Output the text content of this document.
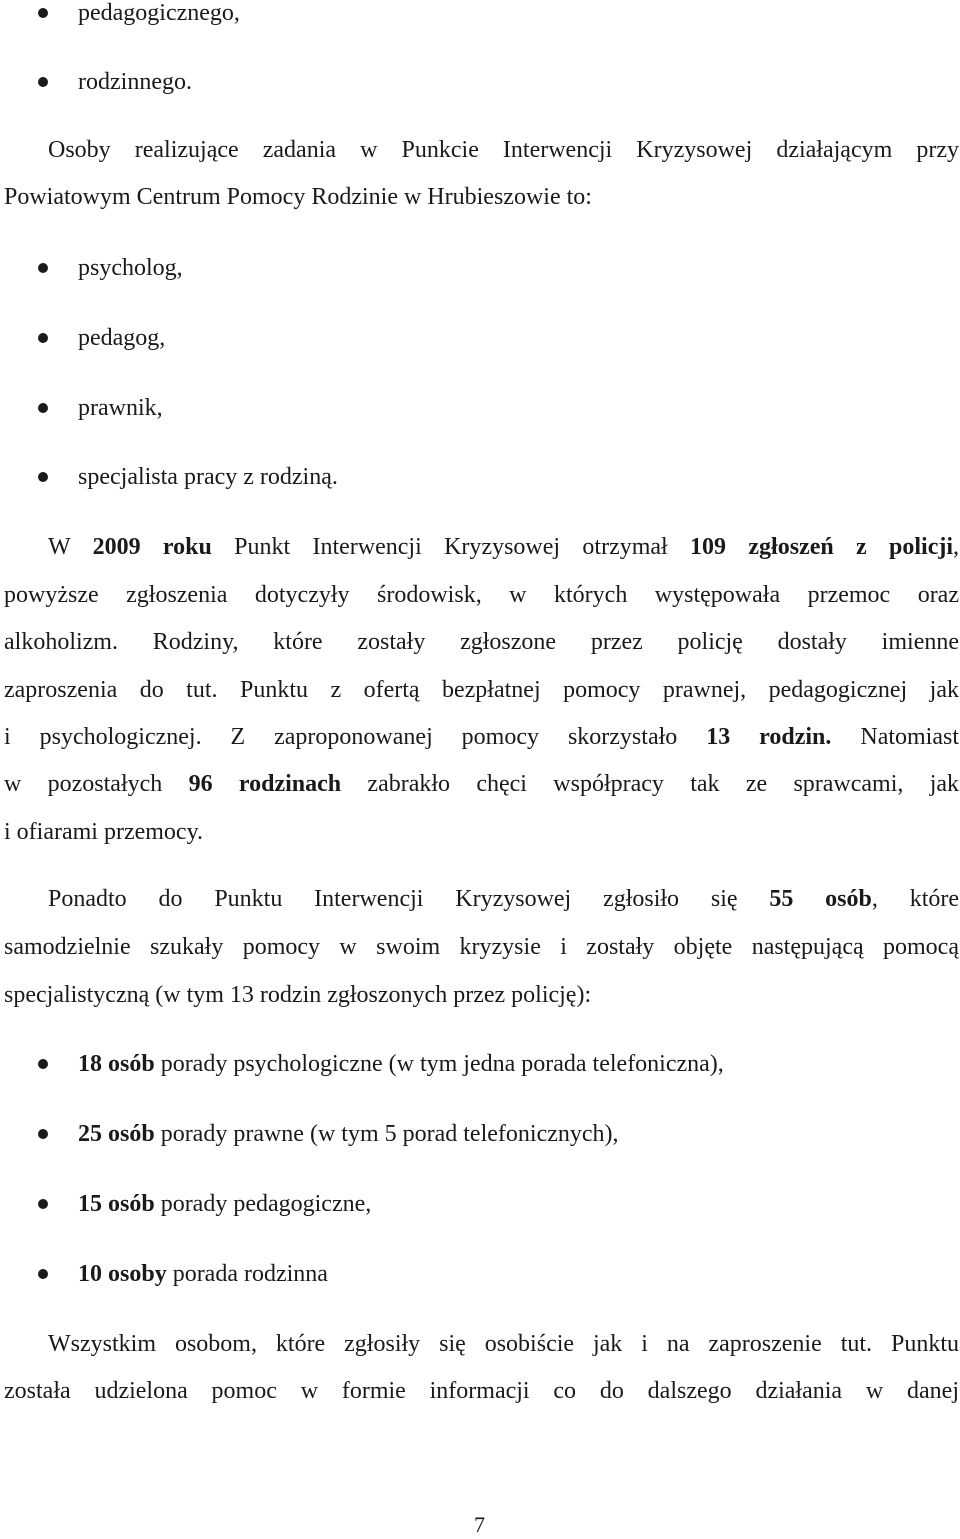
pedagogicznego,
rodzinnego.
Osoby realizujące zadania w Punkcie Interwencji Kryzysowej działającym przy
Powiatowym Centrum Pomocy Rodzinie w Hrubieszowie to:
psycholog,
pedagog,
prawnik,
specjalista pracy z rodziną.
W 2009 roku Punkt Interwencji Kryzysowej otrzymał 109 zgłoszeń z policji,
powyższe zgłoszenia dotyczyły środowisk, w których występowała przemoc oraz
alkoholizm. Rodziny, które zostały zgłoszone przez policję dostały imienne
zaproszenia do tut. Punktu z ofertą bezpłatnej pomocy prawnej, pedagogicznej jak
i psychologicznej. Z zaproponowanej pomocy skorzystało 13 rodzin. Natomiast
w pozostałych 96 rodzinach zabrakło chęci współpracy tak ze sprawcami, jak
i ofiarami przemocy.
Ponadto do Punktu Interwencji Kryzysowej zgłosiło się 55 osób, które
samodzielnie szukały pomocy w swoim kryzysie i zostały objęte następującą pomocą
specjalistyczną (w tym 13 rodzin zgłoszonych przez policję):
18 osób porady psychologiczne (w tym jedna porada telefoniczna),
25 osób porady prawne (w tym 5 porad telefonicznych),
15 osób porady pedagogiczne,
10 osoby porada rodzinna
Wszystkim osobom, które zgłosiły się osobiście jak i na zaproszenie tut. Punktu
została udzielona pomoc w formie informacji co do dalszego działania w danej
7
